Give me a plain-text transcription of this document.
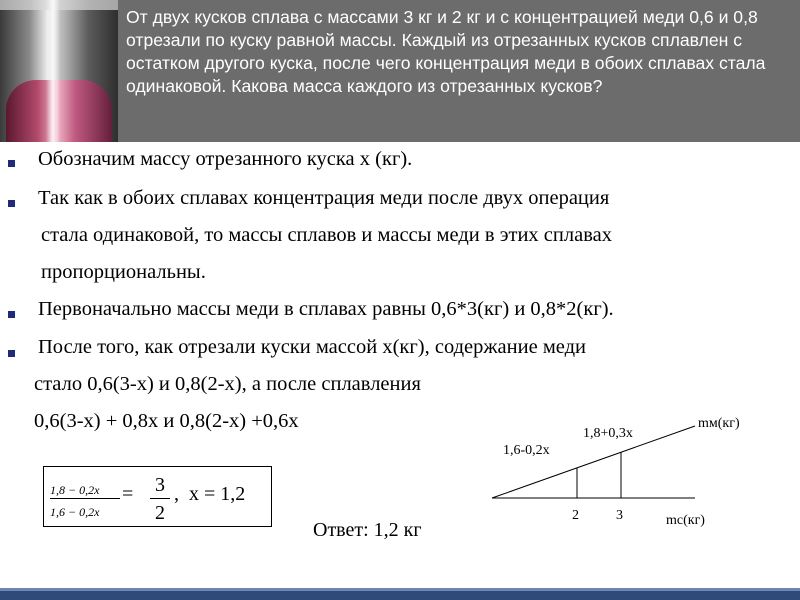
От двух кусков сплава с массами 3 кг и 2 кг и с концентрацией меди 0,6 и 0,8 отрезали по куску равной массы. Каждый из отрезанных кусков сплавлен с остатком другого куска, после чего концентрация меди в обоих сплавах стала одинаковой. Какова масса каждого из отрезанных кусков?
Обозначим массу отрезанного куска х (кг).
Так как в обоих сплавах концентрация меди после двух операция
стала одинаковой, то массы сплавов и массы меди в этих сплавах
пропорциональны.
Первоначально массы меди в сплавах равны 0,6*3(кг) и 0,8*2(кг).
После того, как отрезали куски массой х(кг), содержание меди
стало 0,6(3-х) и 0,8(2-х), а после сплавления
0,6(3-х) + 0,8х и 0,8(2-х) +0,6х
1,8 − 0,2x
1,6 − 0,2x
=	3
2
, x = 1,2
Ответ: 1,2 кг
1,8+0,3х
1,6-0,2х
mм(кг)
mс(кг)
2	3
